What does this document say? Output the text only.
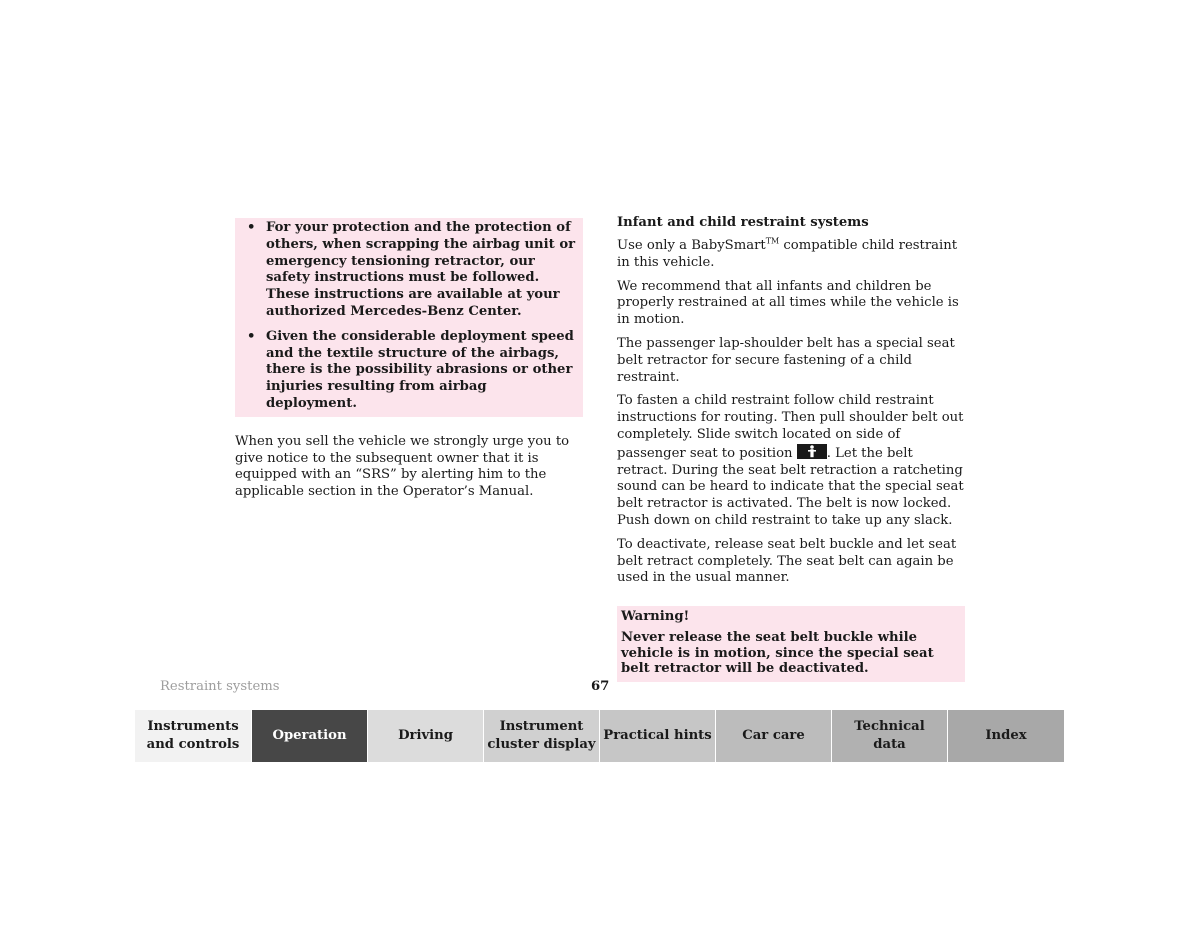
• For your protection and the protection of others, when scrapping the airbag unit or emergency tensioning retractor, our safety instructions must be followed. These instructions are available at your authorized Mercedes-Benz Center.
• Given the considerable deployment speed and the textile structure of the airbags, there is the possibility abrasions or other injuries resulting from airbag deployment.

When you sell the vehicle we strongly urge you to give notice to the subsequent owner that it is equipped with an “SRS” by alerting him to the applicable section in the Operator’s Manual.

Infant and child restraint systems

Use only a BabySmart™ compatible child restraint in this vehicle.

We recommend that all infants and children be properly restrained at all times while the vehicle is in motion.

The passenger lap-shoulder belt has a special seat belt retractor for secure fastening of a child restraint.

To fasten a child restraint follow child restraint instructions for routing. Then pull shoulder belt out completely. Slide switch located on side of passenger seat to position
. Let the belt retract. During the seat belt retraction a ratcheting sound can be heard to indicate that the special seat belt retractor is activated. The belt is now locked. Push down on child restraint to take up any slack.

To deactivate, release seat belt buckle and let seat belt retract completely. The seat belt can again be used in the usual manner.

Warning!

Never release the seat belt buckle while vehicle is in motion, since the special seat belt retractor will be deactivated.

Restraint systems	67
Instruments
and controls
Operation	Driving
Instrument
cluster display
Practical hints Car care
Technical
data
Index
